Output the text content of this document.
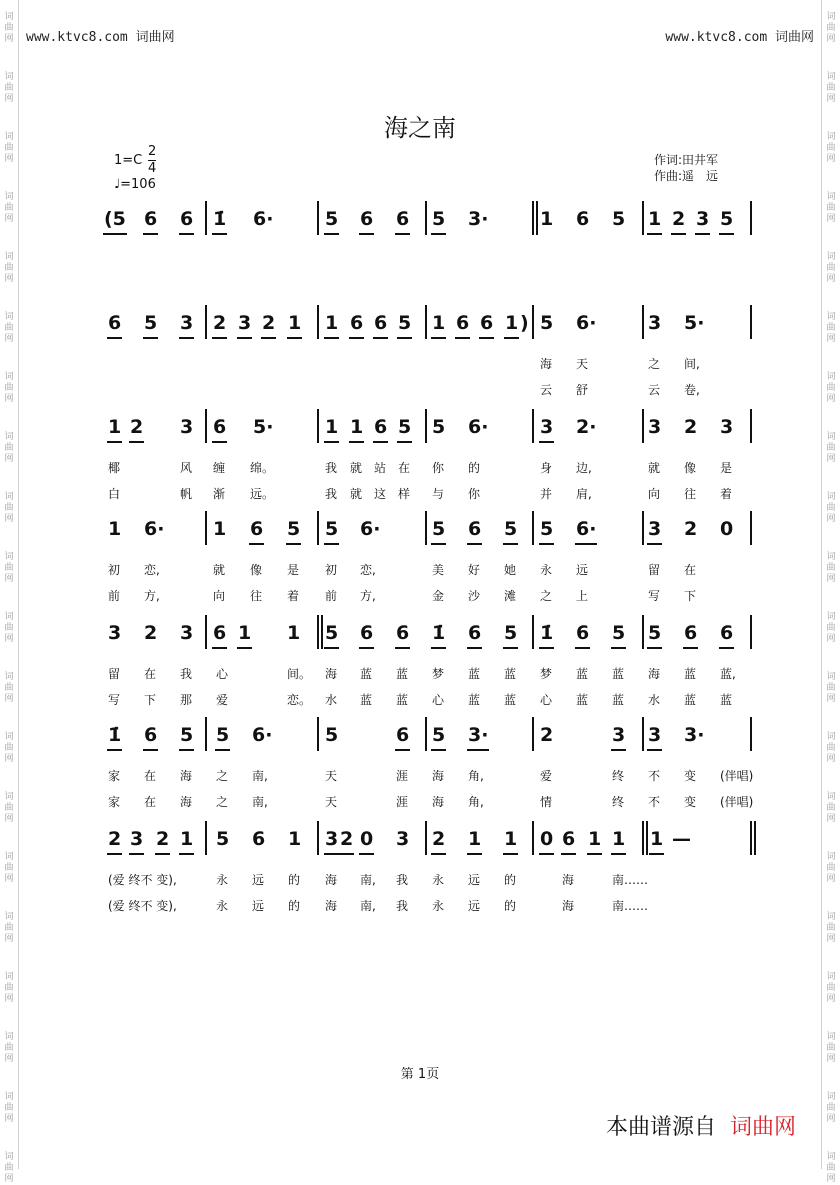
词
曲
网
词
曲
网
词
曲
网
词
曲
网
词
曲
网
词
曲
网
词
曲
网
词
曲
网
词
曲
网
词
曲
网
词
曲
网
词
曲
网
词
曲
网
词
曲
网
词
曲
网
词
曲
网
词
曲
网
词
曲
网
词
曲
网
词
曲
网
词
曲
网
词
曲
网
词
曲
网
词
曲
网
词
曲
网
词
曲
网
词
曲
网
词
曲
网
词
曲
网
词
曲
网
词
曲
网
词
曲
网
词
曲
网
词
曲
网
词
曲
网
词
曲
网
词
曲
网
词
曲
网
词
曲
网
词
曲
网
www.ktvc8.com 词曲网	www.ktvc8.com 词曲网
海之南
$1=C \frac{2}{4}$
♩=106
作词:田井军
作曲:遥　远
(5 6 6 1̇ 6·	5 6 6 5 3·	1 6 5 1 2 3 5
6 5 3 2 3 2 1 1 6 6 5 1 6 6 1 ) 5 6·	3 5·
海 天	之 间,
云 舒	云 卷,
1 2 3 6 5·	1 1 6 5 5 6·	3 2·	3 2 3
椰	风 缠 绵。	我 就 站 在 你 的	身 边,	就 像 是
白	帆 渐 远。	我 就 这 样 与 你	并 肩,	向 往 着
1 6·	1 6 5 5 6·	5 6 5 5 6·	3 2 0
初 恋,	就 像 是 初 恋,	美 好 她 永 远	留 在
前 方,	向 往 着 前 方,	金 沙 滩 之 上	写 下
3 2 3 6 1 1 5 6 6 1̇ 6 5 1̇ 6 5 5 6 6
留 在 我 心	间。 海 蓝 蓝 梦 蓝 蓝 梦 蓝 蓝 海 蓝 蓝,
写 下 那 爱	恋。 水 蓝 蓝 心 蓝 蓝 心 蓝 蓝 水 蓝 蓝
1̇ 6 5 5 6·	5	6 5 3·	2	3 3 3·
家 在 海 之 南,	天	涯 海 角,	爱	终 不 变 (伴唱)
家 在 海 之 南,	天	涯 海 角,	情	终 不 变 (伴唱)
2 3 2 1 5 6 1 3 2 0 3 2 1 1 0 6 1 1 1 —
(爱 终不 变),	永 远 的 海 南, 我 永 远 的	海	南……
(爱 终不 变),	永 远 的 海 南, 我 永 远 的	海	南……
第 1页
本曲谱源自 词曲网
